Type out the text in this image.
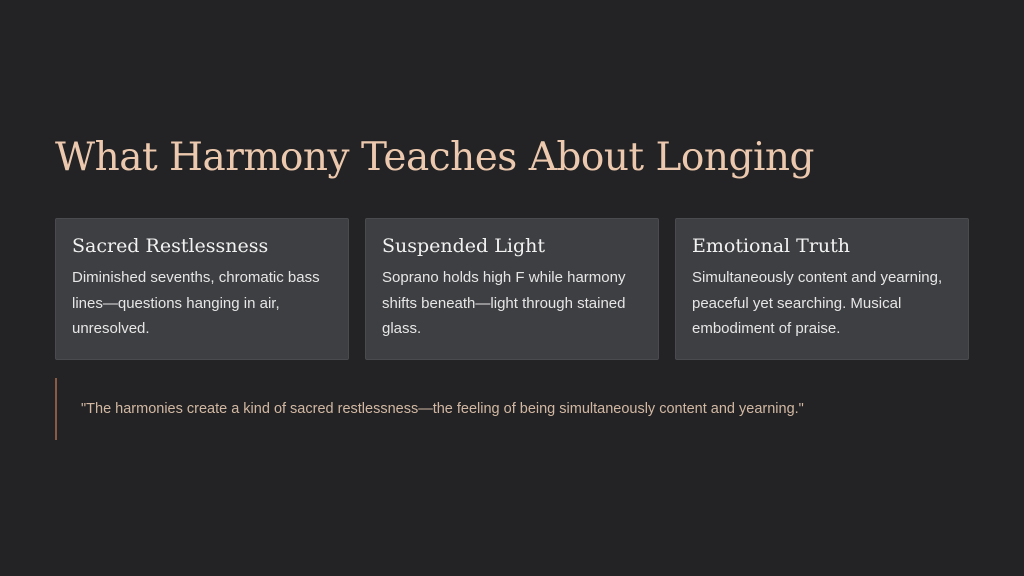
What Harmony Teaches About Longing
Sacred Restlessness

Diminished sevenths, chromatic bass lines—questions hanging in air, unresolved.

Suspended Light

Soprano holds high F while harmony shifts beneath—light through stained glass.

Emotional Truth

Simultaneously content and yearning, peaceful yet searching. Musical embodiment of praise.

"The harmonies create a kind of sacred restlessness—the feeling of being simultaneously content and yearning."
